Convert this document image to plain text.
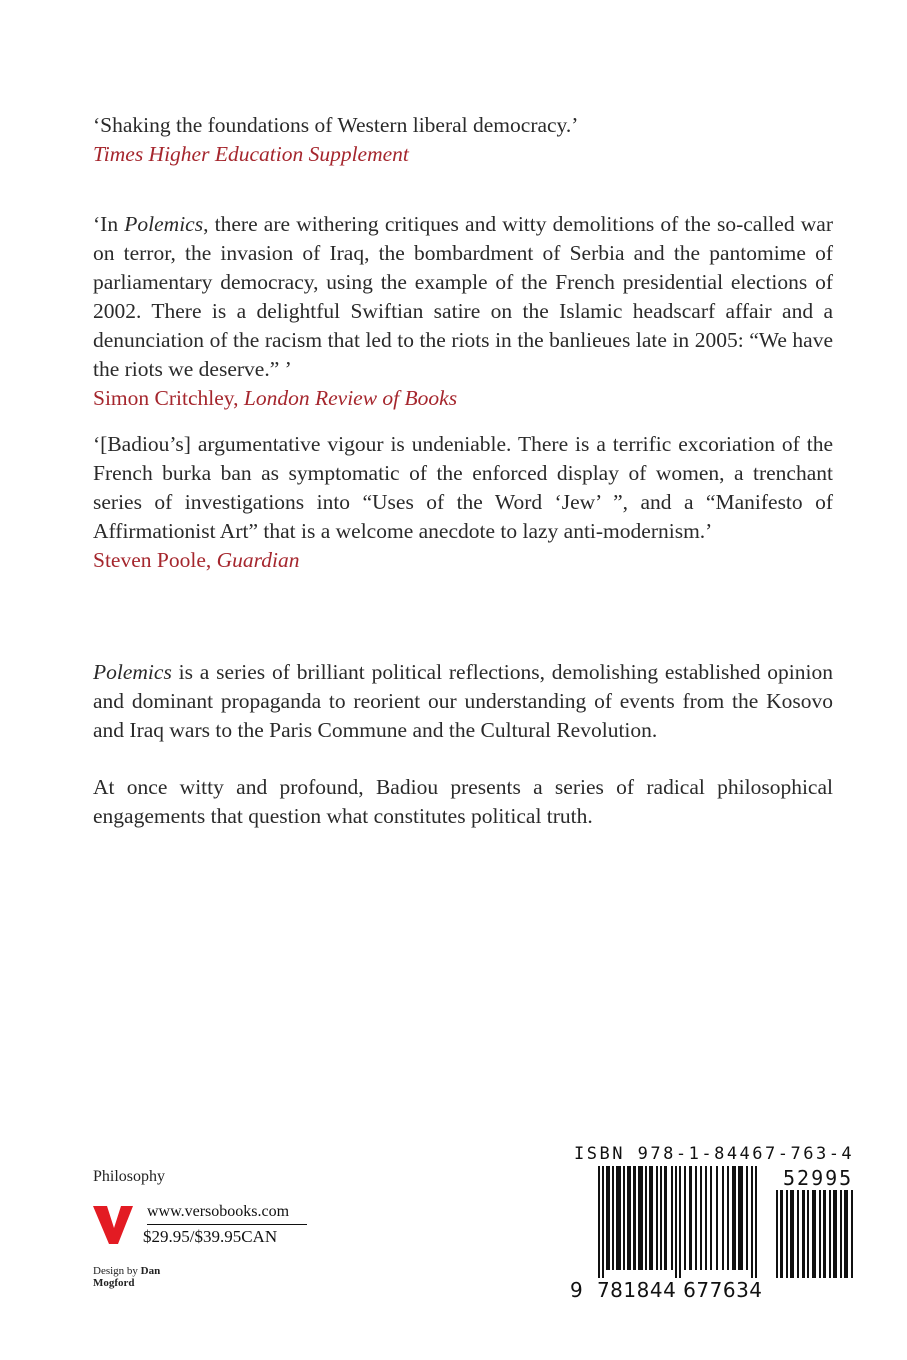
‘Shaking the foundations of Western liberal democracy.’

Times Higher Education Supplement

‘In Polemics, there are withering critiques and witty demolitions of the so-called war on terror, the invasion of Iraq, the bombardment of Serbia and the pantomime of parliamentary democracy, using the example of the French presidential elections of 2002. There is a delightful Swiftian satire on the Islamic headscarf affair and a denunciation of the racism that led to the riots in the banlieues late in 2005: “We have the riots we deserve.” ’

Simon Critchley, London Review of Books

‘[Badiou’s] argumentative vigour is undeniable. There is a terrific excoriation of the French burka ban as symptomatic of the enforced display of women, a trenchant series of investigations into “Uses of the Word ‘Jew’ ”, and a “Manifesto of Affirmationist Art” that is a welcome anecdote to lazy anti-modernism.’

Steven Poole, Guardian

Polemics is a series of brilliant political reflections, demolishing established opinion and dominant propaganda to reorient our understanding of events from the Kosovo and Iraq wars to the Paris Commune and the Cultural Revolution.

At once witty and profound, Badiou presents a series of radical philosophical engagements that question what constitutes political truth.

Philosophy
www.versobooks.com
$29.95/$39.95CAN
Design by Dan Mogford
ISBN 978-1-84467-763-4
52995
9 781844 677634
